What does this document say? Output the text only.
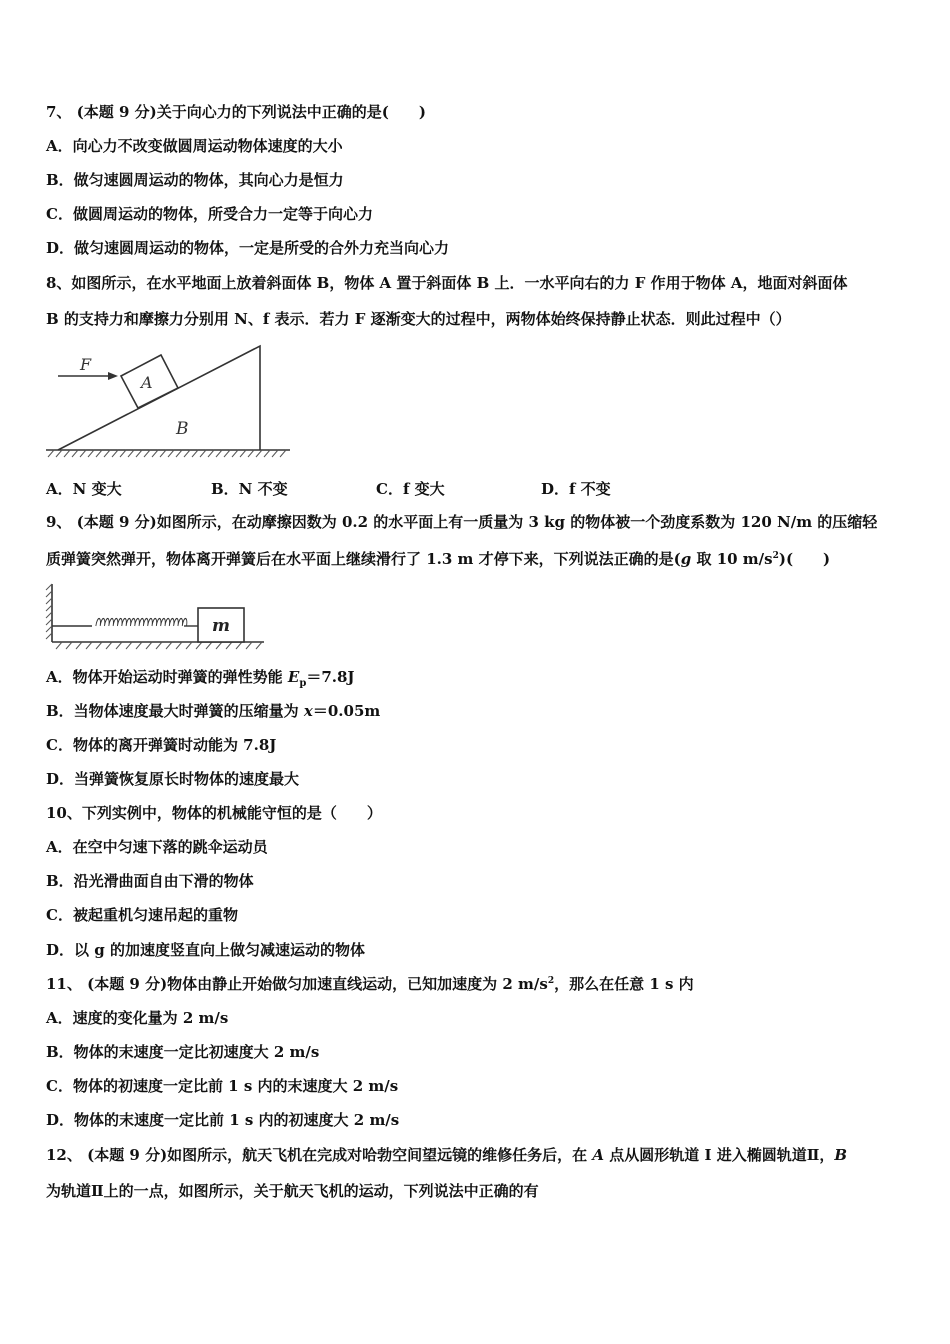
7、 (本题 9 分)关于向心力的下列说法中正确的是(　　)
A．向心力不改变做圆周运动物体速度的大小
B．做匀速圆周运动的物体，其向心力是恒力
C．做圆周运动的物体，所受合力一定等于向心力
D．做匀速圆周运动的物体，一定是所受的合外力充当向心力
8、如图所示，在水平地面上放着斜面体 B，物体 A 置于斜面体 B 上．一水平向右的力 F 作用于物体 A，地面对斜面体
B 的支持力和摩擦力分别用 N、f 表示．若力 F 逐渐变大的过程中，两物体始终保持静止状态．则此过程中（）
F
A
B
A．N 变大	B．N 不变	C．f 变大	D．f 不变
9、 (本题 9 分)如图所示，在动摩擦因数为 0.2 的水平面上有一质量为 3 kg 的物体被一个劲度系数为 120 N/m 的压缩轻
质弹簧突然弹开，物体离开弹簧后在水平面上继续滑行了 1.3 m 才停下来，下列说法正确的是(g 取 10 $m/s^2$)(　　)
m
A．物体开始运动时弹簧的弹性势能 $E_p=7.8J$
B．当物体速度最大时弹簧的压缩量为 x＝0.05m
C．物体的离开弹簧时动能为 7.8J
D．当弹簧恢复原长时物体的速度最大
10、下列实例中，物体的机械能守恒的是（　　）
A．在空中匀速下落的跳伞运动员
B．沿光滑曲面自由下滑的物体
C．被起重机匀速吊起的重物
D．以 g 的加速度竖直向上做匀减速运动的物体
11、 (本题 9 分)物体由静止开始做匀加速直线运动，已知加速度为 2 $m/s^2$，那么在任意 1 s 内
A．速度的变化量为 2 m/s
B．物体的末速度一定比初速度大 2 m/s
C．物体的初速度一定比前 1 s 内的末速度大 2 m/s
D．物体的末速度一定比前 1 s 内的初速度大 2 m/s
12、 (本题 9 分)如图所示，航天飞机在完成对哈勃空间望远镜的维修任务后，在 A 点从圆形轨道 I 进入椭圆轨道Ⅱ，B
为轨道Ⅱ上的一点，如图所示，关于航天飞机的运动，下列说法中正确的有
